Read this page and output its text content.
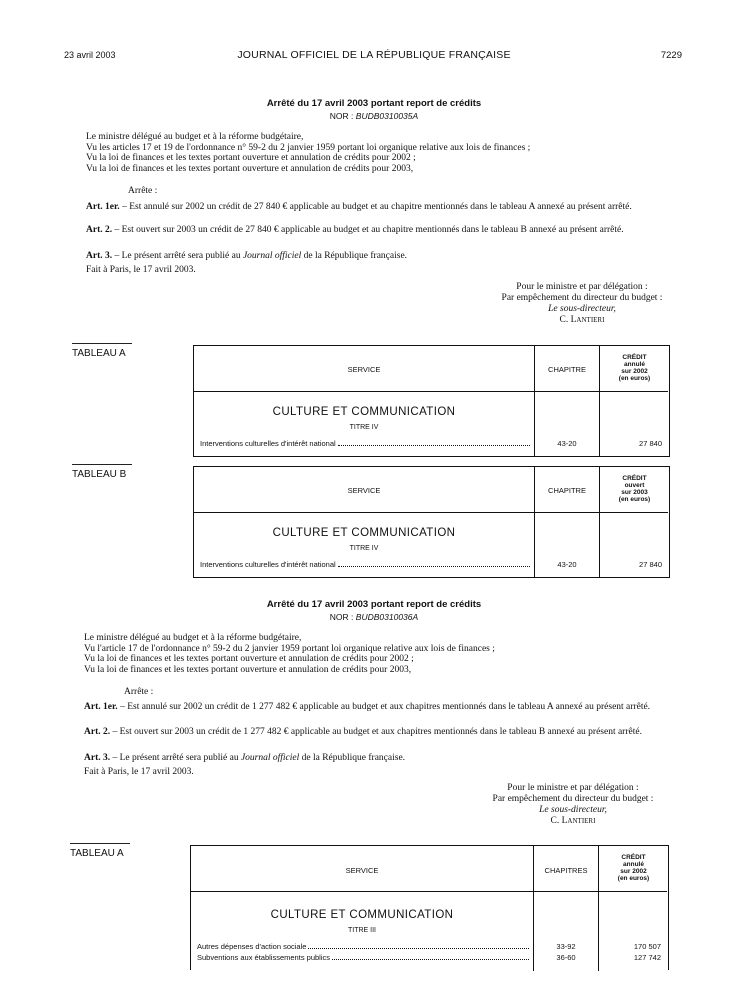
23 avril 2003	JOURNAL OFFICIEL DE LA RÉPUBLIQUE FRANÇAISE	7229
Arrêté du 17 avril 2003 portant report de crédits
NOR : BUDB0310035A
Le ministre délégué au budget et à la réforme budgétaire,
Vu les articles 17 et 19 de l'ordonnance n° 59-2 du 2 janvier 1959 portant loi organique relative aux lois de finances ;
Vu la loi de finances et les textes portant ouverture et annulation de crédits pour 2002 ;
Vu la loi de finances et les textes portant ouverture et annulation de crédits pour 2003,
Arrête :
Art. 1er. – Est annulé sur 2002 un crédit de 27 840 € applicable au budget et au chapitre mentionnés dans le tableau A annexé au présent arrêté.
Art. 2. – Est ouvert sur 2003 un crédit de 27 840 € applicable au budget et au chapitre mentionnés dans le tableau B annexé au présent arrêté.
Art. 3. – Le présent arrêté sera publié au Journal officiel de la République française.
Fait à Paris, le 17 avril 2003.
Pour le ministre et par délégation :
Par empêchement du directeur du budget :
Le sous-directeur,
C. Lantieri
TABLEAU A
SERVICE	CHAPITRE
CRÉDIT
annulé
sur 2002
(en euros)
CULTURE ET COMMUNICATION
TITRE IV
Interventions culturelles d'intérêt national	43-20	27 840
TABLEAU B
SERVICE	CHAPITRE
CRÉDIT
ouvert
sur 2003
(en euros)
CULTURE ET COMMUNICATION
TITRE IV
Interventions culturelles d'intérêt national	43-20	27 840
Arrêté du 17 avril 2003 portant report de crédits
NOR : BUDB0310036A
Le ministre délégué au budget et à la réforme budgétaire,
Vu l'article 17 de l'ordonnance n° 59-2 du 2 janvier 1959 portant loi organique relative aux lois de finances ;
Vu la loi de finances et les textes portant ouverture et annulation de crédits pour 2002 ;
Vu la loi de finances et les textes portant ouverture et annulation de crédits pour 2003,
Arrête :
Art. 1er. – Est annulé sur 2002 un crédit de 1 277 482 € applicable au budget et aux chapitres mentionnés dans le tableau A annexé au présent arrêté.
Art. 2. – Est ouvert sur 2003 un crédit de 1 277 482 € applicable au budget et aux chapitres mentionnés dans le tableau B annexé au présent arrêté.
Art. 3. – Le présent arrêté sera publié au Journal officiel de la République française.
Fait à Paris, le 17 avril 2003.
Pour le ministre et par délégation :
Par empêchement du directeur du budget :
Le sous-directeur,
C. Lantieri
TABLEAU A
SERVICE	CHAPITRES
CRÉDIT
annulé
sur 2002
(en euros)
CULTURE ET COMMUNICATION
TITRE III
Autres dépenses d'action sociale	33-92	170 507
Subventions aux établissements publics	36-60	127 742
